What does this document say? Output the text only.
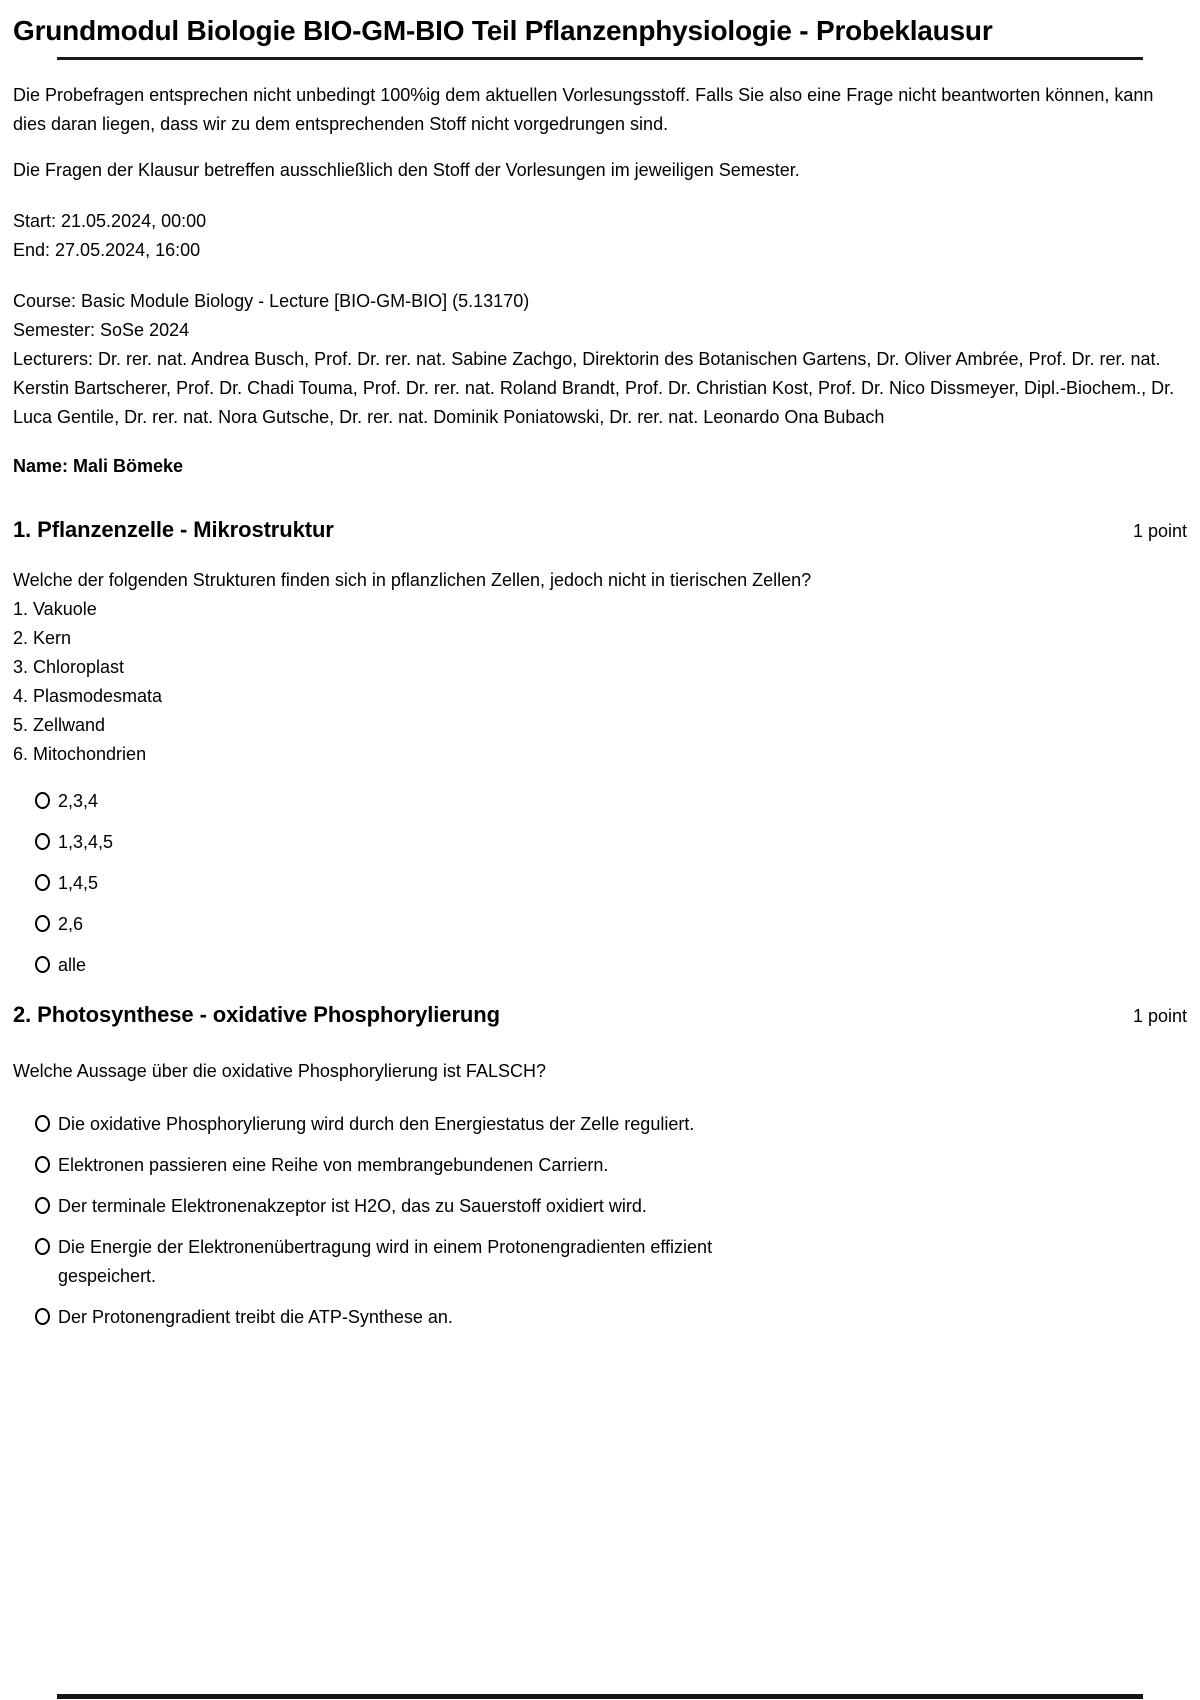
Grundmodul Biologie BIO-GM-BIO Teil Pflanzenphysiologie - Probeklausur

Die Probefragen entsprechen nicht unbedingt 100%ig dem aktuellen Vorlesungsstoff. Falls Sie also eine Frage nicht beantworten können, kann dies daran liegen, dass wir zu dem entsprechenden Stoff nicht vorgedrungen sind.

Die Fragen der Klausur betreffen ausschließlich den Stoff der Vorlesungen im jeweiligen Semester.

Start: 21.05.2024, 00:00
End: 27.05.2024, 16:00
Course: Basic Module Biology - Lecture [BIO-GM-BIO] (5.13170)
Semester: SoSe 2024
Lecturers: Dr. rer. nat. Andrea Busch, Prof. Dr. rer. nat. Sabine Zachgo, Direktorin des Botanischen Gartens, Dr. Oliver Ambrée, Prof. Dr. rer. nat. Kerstin Bartscherer, Prof. Dr. Chadi Touma, Prof. Dr. rer. nat. Roland Brandt, Prof. Dr. Christian Kost, Prof. Dr. Nico Dissmeyer, Dipl.-Biochem., Dr. Luca Gentile, Dr. rer. nat. Nora Gutsche, Dr. rer. nat. Dominik Poniatowski, Dr. rer. nat. Leonardo Ona Bubach

Name: Mali Bömeke

1. Pflanzenzelle - Mikrostruktur	1 point
Welche der folgenden Strukturen finden sich in pflanzlichen Zellen, jedoch nicht in tierischen Zellen?
1. Vakuole
2. Kern
3. Chloroplast
4. Plasmodesmata
5. Zellwand
6. Mitochondrien
2,3,4
1,3,4,5
1,4,5
2,6
alle
2. Photosynthese - oxidative Phosphorylierung	1 point
Welche Aussage über die oxidative Phosphorylierung ist FALSCH?
Die oxidative Phosphorylierung wird durch den Energiestatus der Zelle reguliert.
Elektronen passieren eine Reihe von membrangebundenen Carriern.
Der terminale Elektronenakzeptor ist H2O, das zu Sauerstoff oxidiert wird.
Die Energie der Elektronenübertragung wird in einem Protonengradienten effizient gespeichert.
Der Protonengradient treibt die ATP-Synthese an.
